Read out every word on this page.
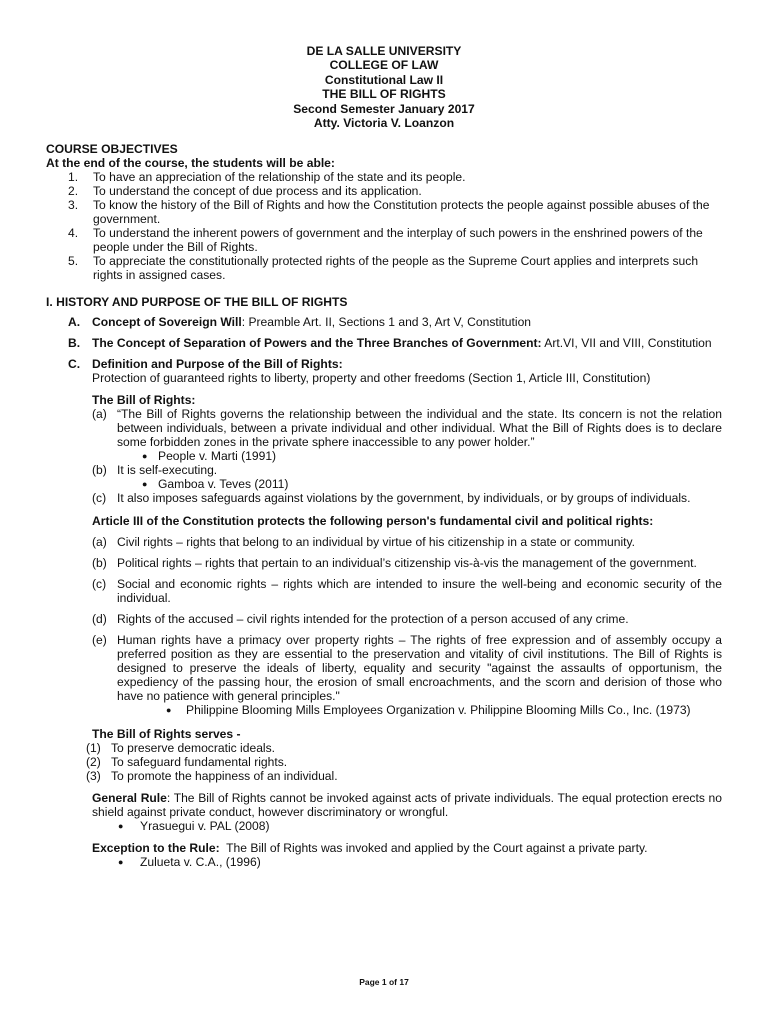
DE LA SALLE UNIVERSITY
COLLEGE OF LAW
Constitutional Law II
THE BILL OF RIGHTS
Second Semester January 2017
Atty. Victoria V. Loanzon
COURSE OBJECTIVES
At the end of the course, the students will be able:
1. To have an appreciation of the relationship of the state and its people.
2. To understand the concept of due process and its application.
3. To know the history of the Bill of Rights and how the Constitution protects the people against possible abuses of the government.
4. To understand the inherent powers of government and the interplay of such powers in the enshrined powers of the people under the Bill of Rights.
5. To appreciate the constitutionally protected rights of the people as the Supreme Court applies and interprets such rights in assigned cases.
I. HISTORY AND PURPOSE OF THE BILL OF RIGHTS
A. Concept of Sovereign Will: Preamble Art. II, Sections 1 and 3, Art V, Constitution
B. The Concept of Separation of Powers and the Three Branches of Government: Art.VI, VII and VIII, Constitution
C. Definition and Purpose of the Bill of Rights:
Protection of guaranteed rights to liberty, property and other freedoms (Section 1, Article III, Constitution)
The Bill of Rights:
(a) “The Bill of Rights governs the relationship between the individual and the state. Its concern is not the relation between individuals, between a private individual and other individual. What the Bill of Rights does is to declare some forbidden zones in the private sphere inaccessible to any power holder.”
● People v. Marti (1991)
(b) It is self-executing.
● Gamboa v. Teves (2011)
(c) It also imposes safeguards against violations by the government, by individuals, or by groups of individuals.
Article III of the Constitution protects the following person's fundamental civil and political rights:
(a) Civil rights – rights that belong to an individual by virtue of his citizenship in a state or community.
(b) Political rights – rights that pertain to an individual’s citizenship vis-à-vis the management of the government.
(c) Social and economic rights – rights which are intended to insure the well-being and economic security of the individual.
(d) Rights of the accused – civil rights intended for the protection of a person accused of any crime.
(e) Human rights have a primacy over property rights – The rights of free expression and of assembly occupy a preferred position as they are essential to the preservation and vitality of civil institutions. The Bill of Rights is designed to preserve the ideals of liberty, equality and security "against the assaults of opportunism, the expediency of the passing hour, the erosion of small encroachments, and the scorn and derision of those who have no patience with general principles."
● Philippine Blooming Mills Employees Organization v. Philippine Blooming Mills Co., Inc. (1973)
The Bill of Rights serves -
(1) To preserve democratic ideals.
(2) To safeguard fundamental rights.
(3) To promote the happiness of an individual.
General Rule: The Bill of Rights cannot be invoked against acts of private individuals. The equal protection erects no shield against private conduct, however discriminatory or wrongful.
● Yrasuegui v. PAL (2008)
Exception to the Rule:  The Bill of Rights was invoked and applied by the Court against a private party.
● Zulueta v. C.A., (1996)
Page 1 of 17
